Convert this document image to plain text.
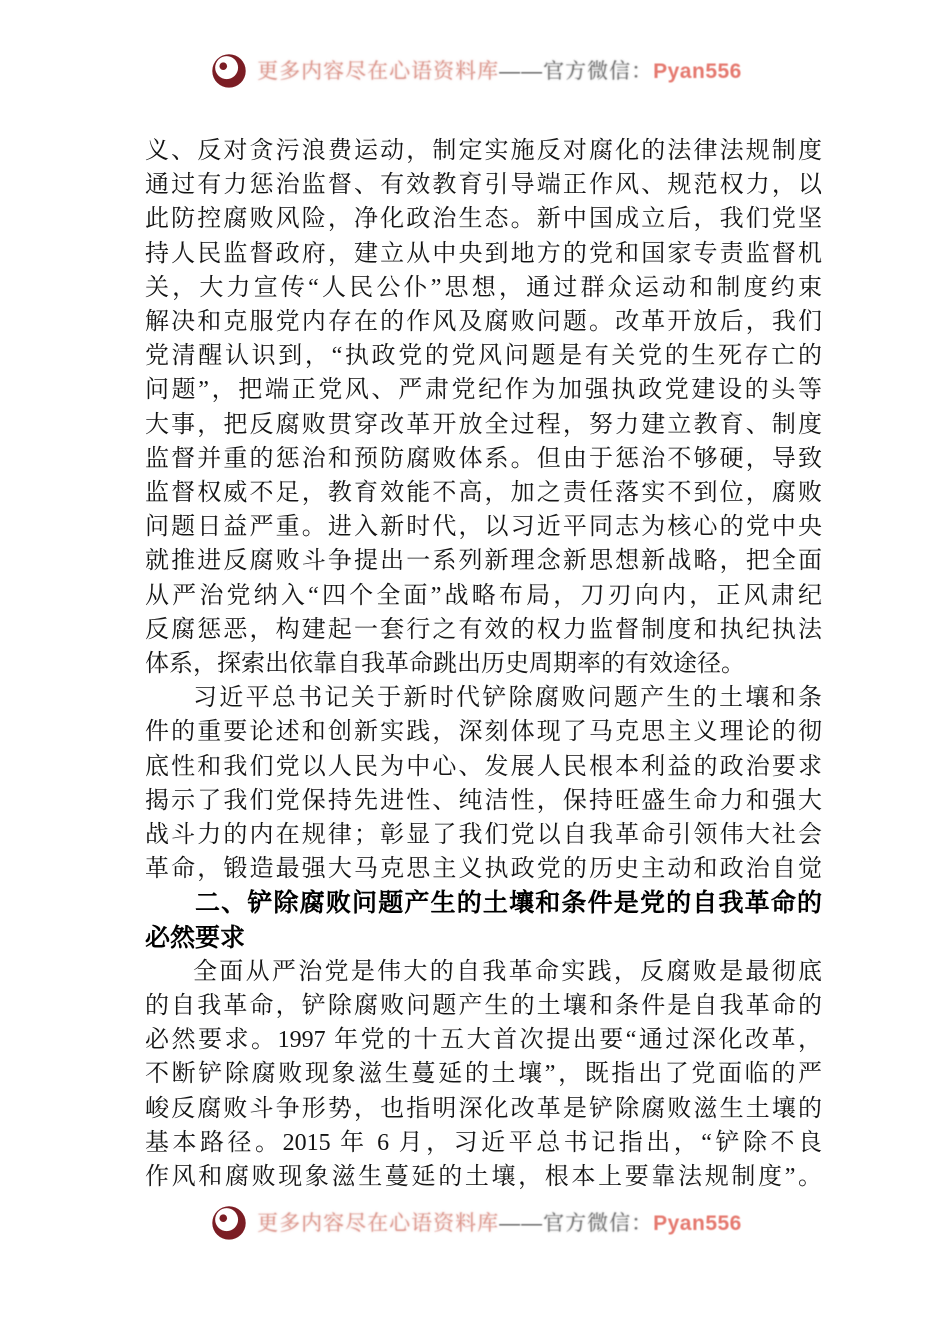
更多内容尽在心语资料库——官方微信：Pyan556
义、反对贪污浪费运动，制定实施反对腐化的法律法规制度
通过有力惩治监督、有效教育引导端正作风、规范权力，以
此防控腐败风险，净化政治生态。新中国成立后，我们党坚
持人民监督政府，建立从中央到地方的党和国家专责监督机
关，大力宣传“人民公仆”思想，通过群众运动和制度约束
解决和克服党内存在的作风及腐败问题。改革开放后，我们
党清醒认识到，“执政党的党风问题是有关党的生死存亡的
问题”，把端正党风、严肃党纪作为加强执政党建设的头等
大事，把反腐败贯穿改革开放全过程，努力建立教育、制度
监督并重的惩治和预防腐败体系。但由于惩治不够硬，导致
监督权威不足，教育效能不高，加之责任落实不到位，腐败
问题日益严重。进入新时代，以习近平同志为核心的党中央
就推进反腐败斗争提出一系列新理念新思想新战略，把全面
从严治党纳入“四个全面”战略布局，刀刃向内，正风肃纪
反腐惩恶，构建起一套行之有效的权力监督制度和执纪执法
体系，探索出依靠自我革命跳出历史周期率的有效途径。
习近平总书记关于新时代铲除腐败问题产生的土壤和条
件的重要论述和创新实践，深刻体现了马克思主义理论的彻
底性和我们党以人民为中心、发展人民根本利益的政治要求
揭示了我们党保持先进性、纯洁性，保持旺盛生命力和强大
战斗力的内在规律；彰显了我们党以自我革命引领伟大社会
革命，锻造最强大马克思主义执政党的历史主动和政治自觉
二、铲除腐败问题产生的土壤和条件是党的自我革命的
必然要求
全面从严治党是伟大的自我革命实践，反腐败是最彻底
的自我革命，铲除腐败问题产生的土壤和条件是自我革命的
必然要求。1997 年党的十五大首次提出要“通过深化改革，
不断铲除腐败现象滋生蔓延的土壤”，既指出了党面临的严
峻反腐败斗争形势，也指明深化改革是铲除腐败滋生土壤的
基本路径。2015 年 6 月，习近平总书记指出，“铲除不良
作风和腐败现象滋生蔓延的土壤，根本上要靠法规制度”。
更多内容尽在心语资料库——官方微信：Pyan556
